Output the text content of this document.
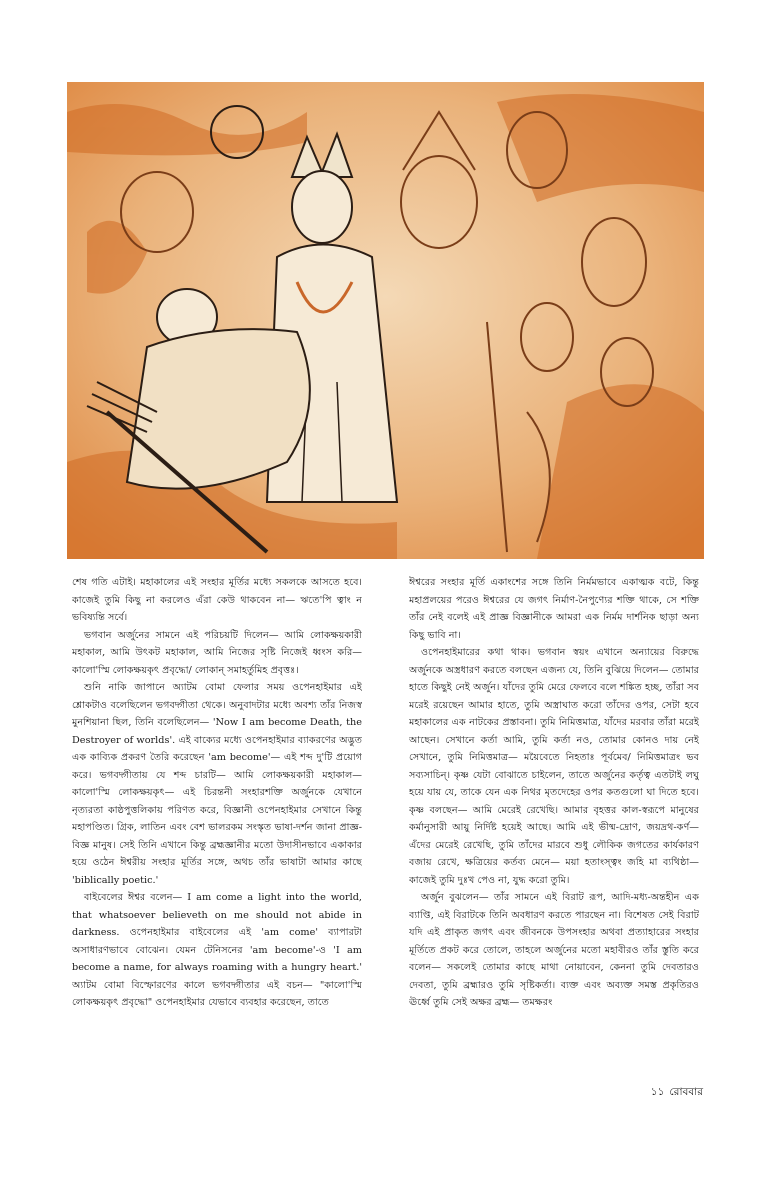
শেষ গতি এটাই। মহাকালের এই সংহার মূর্তির মধ্যে সকলকে আসতে হবে। কাজেই তুমি কিছু না করলেও এঁরা কেউ থাকবেন না— ঋতে'পি ত্বাং ন ভবিষ্যন্তি সর্বে।

ভগবান অর্জুনের সামনে এই পরিচয়টি দিলেন— আমি লোকক্ষয়কারী মহাকাল, আমি উৎকট মহাকাল, আমি নিজের সৃষ্টি নিজেই ধ্বংস করি— কালো'স্মি লোকক্ষয়কৃৎ প্রবৃদ্ধো/ লোকান্ সমাহর্তুমিহ প্রবৃত্তঃ।

শুনি নাকি জাপানে অ্যাটম বোমা ফেলার সময় ওপেনহাইমার এই শ্লোকটাও বলেছিলেন ভগবদ্গীতা থেকে। অনুবাদটার মধ্যে অবশ্য তাঁর নিজস্ব মুনশিয়ানা ছিল, তিনি বলেছিলেন— 'Now I am become Death, the Destroyer of worlds'. এই বাক্যের মধ্যে ওপেনহাইমার ব্যাকরণের অদ্ভুত এক কাব্যিক প্রকরণ তৈরি করেছেন 'am become'— এই শব্দ দু'টি প্রয়োগ করে। ভগবদ্গীতায় যে শব্দ চারটি— আমি লোকক্ষয়কারী মহাকাল— কালো'স্মি লোকক্ষয়কৃৎ— এই চিরন্তনী সংহারশক্তি অর্জুনকে যেখানে নৃত্যরতা কাষ্ঠপুত্তলিকায় পরিণত করে, বিজ্ঞানী ওপেনহাইমার সেখানে কিন্তু মহাপণ্ডিত। গ্রিক, লাতিন এবং বেশ ভালরকম সংস্কৃত ভাষা-দর্শন জানা প্রাজ্ঞ-বিজ্ঞ মানুষ। সেই তিনি এখানে কিন্তু ব্রহ্মজ্ঞানীর মতো উদাসীনভাবে একাকার হয়ে ওঠেন ঈশ্বরীয় সংহার মূর্তির সঙ্গে, অথচ তাঁর ভাষাটা আমার কাছে 'biblically poetic.'

বাইবেলের ঈশ্বর বলেন— I am come a light into the world, that whatsoever believeth on me should not abide in darkness. ওপেনহাইমার বাইবেলের এই 'am come' ব্যাপারটা অসাধারণভাবে বোঝেন। যেমন টেনিসনের 'am become'-ও 'I am become a name, for always roaming with a hungry heart.' অ্যাটম বোমা বিস্ফোরণের কালে ভগবদ্গীতার এই বচন— "কালো'স্মি লোকক্ষয়কৃৎ প্রবৃদ্ধো" ওপেনহাইমার যেভাবে ব্যবহার করেছেন, তাতে

ঈশ্বরের সংহার মূর্তি একাংশের সঙ্গে তিনি নির্মমভাবে একাত্মক বটে, কিন্তু মহাপ্রলয়ের পরেও ঈশ্বরের যে জগৎ নির্মাণ-নৈপুণ্যের শক্তি থাকে, সে শক্তি তাঁর নেই বলেই এই প্রাজ্ঞ বিজ্ঞানীকে আমরা এক নির্মম দার্শনিক ছাড়া অন্য কিছু ভাবি না।

ওপেনহাইমারের কথা থাক। ভগবান স্বয়ং এখানে অন্যায়ের বিরুদ্ধে অর্জুনকে অস্ত্রধারণ করতে বলছেন এজন্য যে, তিনি বুঝিয়ে দিলেন— তোমার হাতে কিছুই নেই অর্জুন। যাঁদের তুমি মেরে ফেলবে বলে শঙ্কিত হচ্ছ, তাঁরা সব মরেই রয়েছেন আমার হাতে, তুমি অস্ত্রাঘাত করো তাঁদের ওপর, সেটা হবে মহাকালের এক নাটকের প্রস্তাবনা। তুমি নিমিত্তমাত্র, যাঁদের মরবার তাঁরা মরেই আছেন। সেখানে কর্তা আমি, তুমি কর্তা নও, তোমার কোনও দায় নেই সেখানে, তুমি নিমিত্তমাত্র— ময়ৈবেতে নিহতাঃ পূর্বমেব/ নিমিত্তমাত্রং ভব সব্যসাচিন্। কৃষ্ণ যেটা বোঝাতে চাইলেন, তাতে অর্জুনের কর্তৃত্ব এতটাই লঘু হয়ে যায় যে, তাকে যেন এক নিথর মৃতদেহের ওপর কতগুলো ঘা দিতে হবে। কৃষ্ণ বলছেন— আমি মেরেই রেখেছি। আমার বৃহত্তর কাল-স্বরূপে মানুষের কর্মানুসারী আয়ু নির্দিষ্ট হয়েই আছে। আমি এই ভীষ্ম-দ্রোণ, জয়দ্রথ-কর্ণ— এঁদের মেরেই রেখেছি, তুমি তাঁদের মারবে শুধু লৌকিক জগতের কার্যকারণ বজায় রেখে, ক্ষত্রিয়ের কর্তব্য মেনে— ময়া হতাংস্ত্বং জহি মা ব্যথিষ্ঠা— কাজেই তুমি দুঃখ পেও না, যুদ্ধ করো তুমি।

অর্জুন বুঝলেন— তাঁর সামনে এই বিরাট রূপ, আদি-মধ্য-অন্তহীন এক ব্যাপ্তি, এই বিরাটকে তিনি অবধারণ করতে পারছেন না। বিশেষত সেই বিরাট যদি এই প্রাকৃত জগৎ এবং জীবনকে উপসংহার অথবা প্রত্যাহারের সংহার মূর্তিতে প্রকট করে তোলে, তাহলে অর্জুনের মতো মহাবীরও তাঁর স্তুতি করে বলেন— সকলেই তোমার কাছে মাথা নোয়াবেন, কেননা তুমি দেবতারও দেবতা, তুমি ব্রহ্মারও তুমি সৃষ্টিকর্তা। ব্যক্ত এবং অব্যক্ত সমস্ত প্রকৃতিরও ঊর্ধ্বে তুমি সেই অক্ষর ব্রহ্ম— তমক্ষরং

১১ রোববার
